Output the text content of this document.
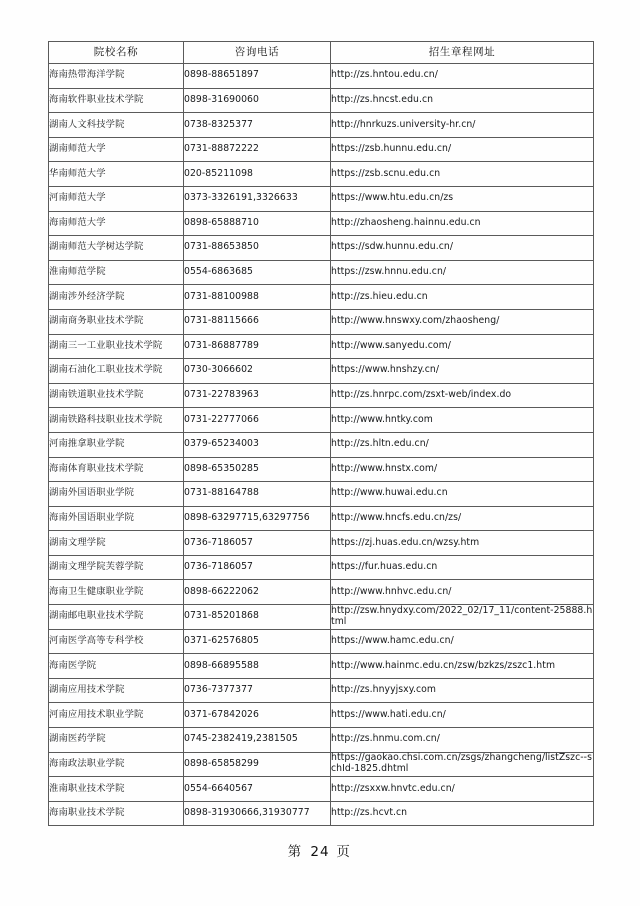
院校名称	咨询电话	招生章程网址
海南热带海洋学院	0898-88651897	http://zs.hntou.edu.cn/
海南软件职业技术学院	0898-31690060	http://zs.hncst.edu.cn
湖南人文科技学院	0738-8325377	http://hnrkuzs.university-hr.cn/
湖南师范大学	0731-88872222	https://zsb.hunnu.edu.cn/
华南师范大学	020-85211098	https://zsb.scnu.edu.cn
河南师范大学	0373-3326191,3326633	https://www.htu.edu.cn/zs
海南师范大学	0898-65888710	http://zhaosheng.hainnu.edu.cn
湖南师范大学树达学院	0731-88653850	https://sdw.hunnu.edu.cn/
淮南师范学院	0554-6863685	https://zsw.hnnu.edu.cn/
湖南涉外经济学院	0731-88100988	http://zs.hieu.edu.cn
湖南商务职业技术学院	0731-88115666	http://www.hnswxy.com/zhaosheng/
湖南三一工业职业技术学院	0731-86887789	http://www.sanyedu.com/
湖南石油化工职业技术学院	0730-3066602	https://www.hnshzy.cn/
湖南铁道职业技术学院	0731-22783963	http://zs.hnrpc.com/zsxt-web/index.do
湖南铁路科技职业技术学院	0731-22777066	http://www.hntky.com
河南推拿职业学院	0379-65234003	http://zs.hltn.edu.cn/
海南体育职业技术学院	0898-65350285	http://www.hnstx.com/
湖南外国语职业学院	0731-88164788	http://www.huwai.edu.cn
海南外国语职业学院	0898-63297715,63297756	http://www.hncfs.edu.cn/zs/
湖南文理学院	0736-7186057	https://zj.huas.edu.cn/wzsy.htm
湖南文理学院芙蓉学院	0736-7186057	https://fur.huas.edu.cn
海南卫生健康职业学院	0898-66222062	http://www.hnhvc.edu.cn/
湖南邮电职业技术学院	0731-85201868	http://zsw.hnydxy.com/2022_02/17_11/content-25888.html
河南医学高等专科学校	0371-62576805	https://www.hamc.edu.cn/
海南医学院	0898-66895588	http://www.hainmc.edu.cn/zsw/bzkzs/zszc1.htm
湖南应用技术学院	0736-7377377	http://zs.hnyyjsxy.com
河南应用技术职业学院	0371-67842026	https://www.hati.edu.cn/
湖南医药学院	0745-2382419,2381505	http://zs.hnmu.com.cn/
海南政法职业学院	0898-65858299	https://gaokao.chsi.com.cn/zsgs/zhangcheng/listZszc--schId-1825.dhtml
淮南职业技术学院	0554-6640567	http://zsxxw.hnvtc.edu.cn/
海南职业技术学院	0898-31930666,31930777	http://zs.hcvt.cn
第 24 页
